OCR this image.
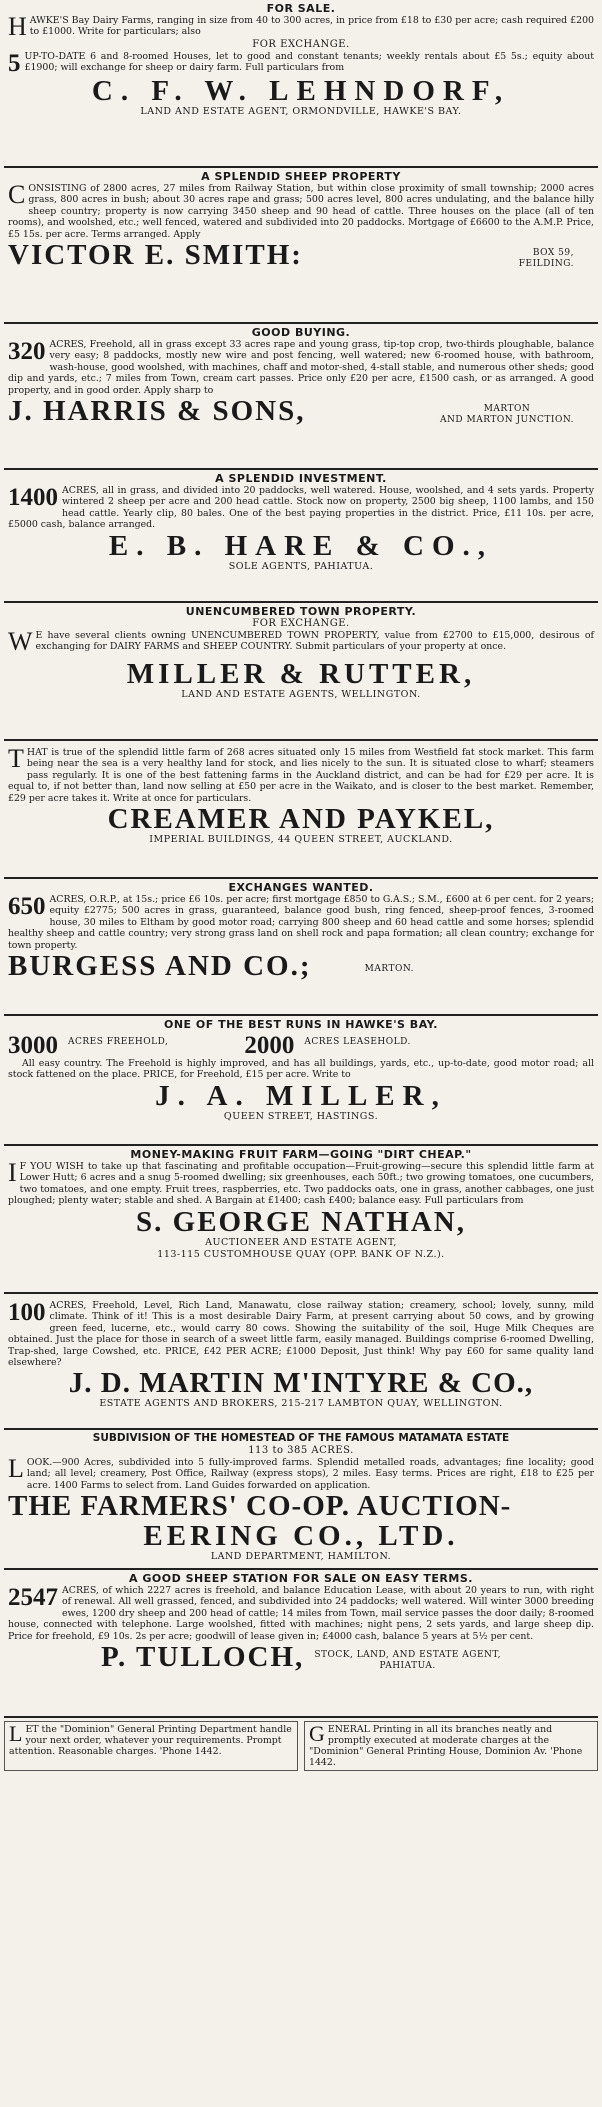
FOR SALE.

HAWKE'S Bay Dairy Farms, ranging in size from 40 to 300 acres, in price from £18 to £30 per acre; cash required £200 to £1000. Write for particulars; also

FOR EXCHANGE.

5 UP-TO-DATE 6 and 8-roomed Houses, let to good and constant tenants; weekly rentals about £5 5s.; equity about £1900; will exchange for sheep or dairy farm. Full particulars from

C. F. W. LEHNDORF,
LAND AND ESTATE AGENT, ORMONDVILLE, HAWKE'S BAY.
A SPLENDID SHEEP PROPERTY

CONSISTING of 2800 acres, 27 miles from Railway Station, but within close proximity of small township; 2000 acres grass, 800 acres in bush; about 30 acres rape and grass; 500 acres level, 800 acres undulating, and the balance hilly sheep country; property is now carrying 3450 sheep and 90 head of cattle. Three houses on the place (all of ten rooms), and woolshed, etc.; well fenced, watered and subdivided into 20 paddocks. Mortgage of £6600 to the A.M.P. Price, £5 15s. per acre. Terms arranged. Apply

VICTOR E. SMITH:	BOX 59,
FEILDING.
GOOD BUYING.

320 ACRES, Freehold, all in grass except 33 acres rape and young grass, tip-top crop, two-thirds ploughable, balance very easy; 8 paddocks, mostly new wire and post fencing, well watered; new 6-roomed house, with bathroom, wash-house, good woolshed, with machines, chaff and motor-shed, 4-stall stable, and numerous other sheds; good dip and yards, etc.; 7 miles from Town, cream cart passes. Price only £20 per acre, £1500 cash, or as arranged. A good property, and in good order. Apply sharp to

J. HARRIS & SONS,	MARTON
AND MARTON JUNCTION.
A SPLENDID INVESTMENT.

1400 ACRES, all in grass, and divided into 20 paddocks, well watered. House, woolshed, and 4 sets yards. Property wintered 2 sheep per acre and 200 head cattle. Stock now on property, 2500 big sheep, 1100 lambs, and 150 head cattle. Yearly clip, 80 bales. One of the best paying properties in the district. Price, £11 10s. per acre, £5000 cash, balance arranged.

E. B. HARE & CO.,
SOLE AGENTS, PAHIATUA.
UNENCUMBERED TOWN PROPERTY.
FOR EXCHANGE.

W E have several clients owning UNENCUMBERED TOWN PROPERTY, value from £2700 to £15,000, desirous of exchanging for DAIRY FARMS and SHEEP COUNTRY. Submit particulars of your property at once.

MILLER & RUTTER,
LAND AND ESTATE AGENTS, WELLINGTON.

THAT is true of the splendid little farm of 268 acres situated only 15 miles from Westfield fat stock market. This farm being near the sea is a very healthy land for stock, and lies nicely to the sun. It is situated close to wharf; steamers pass regularly. It is one of the best fattening farms in the Auckland district, and can be had for £29 per acre. It is equal to, if not better than, land now selling at £50 per acre in the Waikato, and is closer to the best market. Remember, £29 per acre takes it. Write at once for particulars.

CREAMER AND PAYKEL,
IMPERIAL BUILDINGS, 44 QUEEN STREET, AUCKLAND.
EXCHANGES WANTED.

650 ACRES, O.R.P., at 15s.; price £6 10s. per acre; first mortgage £850 to G.A.S.; S.M., £600 at 6 per cent. for 2 years; equity £2775; 500 acres in grass, guaranteed, balance good bush, ring fenced, sheep-proof fences, 3-roomed house, 30 miles to Eltham by good motor road; carrying 800 sheep and 60 head cattle and some horses; splendid healthy sheep and cattle country; very strong grass land on shell rock and papa formation; all clean country; exchange for town property.

BURGESS AND CO.;	MARTON.
ONE OF THE BEST RUNS IN HAWKE'S BAY.
3000 ACRES FREEHOLD,	2000 ACRES LEASEHOLD.

All easy country. The Freehold is highly improved, and has all buildings, yards, etc., up-to-date, good motor road; all stock fattened on the place. PRICE, for Freehold, £15 per acre. Write to

J. A. MILLER,
QUEEN STREET, HASTINGS.
MONEY-MAKING FRUIT FARM—GOING "DIRT CHEAP."

I F YOU WISH to take up that fascinating and profitable occupation—Fruit-growing—secure this splendid little farm at Lower Hutt; 6 acres and a snug 5-roomed dwelling; six greenhouses, each 50ft.; two growing tomatoes, one cucumbers, two tomatoes, and one empty. Fruit trees, raspberries, etc. Two paddocks oats, one in grass, another cabbages, one just ploughed; plenty water; stable and shed. A Bargain at £1400; cash £400; balance easy. Full particulars from

S. GEORGE NATHAN,
AUCTIONEER AND ESTATE AGENT,
113-115 CUSTOMHOUSE QUAY (OPP. BANK OF N.Z.).

100 ACRES, Freehold, Level, Rich Land, Manawatu, close railway station; creamery, school; lovely, sunny, mild climate. Think of it! This is a most desirable Dairy Farm, at present carrying about 50 cows, and by growing green feed, lucerne, etc., would carry 80 cows. Showing the suitability of the soil, Huge Milk Cheques are obtained. Just the place for those in search of a sweet little farm, easily managed. Buildings comprise 6-roomed Dwelling, Trap-shed, large Cowshed, etc. PRICE, £42 PER ACRE; £1000 Deposit, Just think! Why pay £60 for same quality land elsewhere?

J. D. MARTIN M'INTYRE & CO.,
ESTATE AGENTS AND BROKERS, 215-217 LAMBTON QUAY, WELLINGTON.
SUBDIVISION OF THE HOMESTEAD OF THE FAMOUS MATAMATA ESTATE
113 to 385 ACRES.

LOOK.—900 Acres, subdivided into 5 fully-improved farms. Splendid metalled roads, advantages; fine locality; good land; all level; creamery, Post Office, Railway (express stops), 2 miles. Easy terms. Prices are right, £18 to £25 per acre. 1400 Farms to select from. Land Guides forwarded on application.

THE FARMERS' CO-OP. AUCTION-
EERING CO., LTD.
LAND DEPARTMENT, HAMILTON.
A GOOD SHEEP STATION FOR SALE ON EASY TERMS.

2547 ACRES, of which 2227 acres is freehold, and balance Education Lease, with about 20 years to run, with right of renewal. All well grassed, fenced, and subdivided into 24 paddocks; well watered. Will winter 3000 breeding ewes, 1200 dry sheep and 200 head of cattle; 14 miles from Town, mail service passes the door daily; 8-roomed house, connected with telephone. Large woolshed, fitted with machines; night pens, 2 sets yards, and large sheep dip. Price for freehold, £9 10s. 2s per acre; goodwill of lease given in; £4000 cash, balance 5 years at 5½ per cent.

P. TULLOCH, STOCK, LAND, AND ESTATE AGENT,
PAHIATUA.
LET the "Dominion" General Printing Department handle your next order, whatever your requirements. Prompt attention. Reasonable charges. 'Phone 1442.
GENERAL Printing in all its branches neatly and promptly executed at moderate charges at the "Dominion" General Printing House, Dominion Av. 'Phone 1442.
